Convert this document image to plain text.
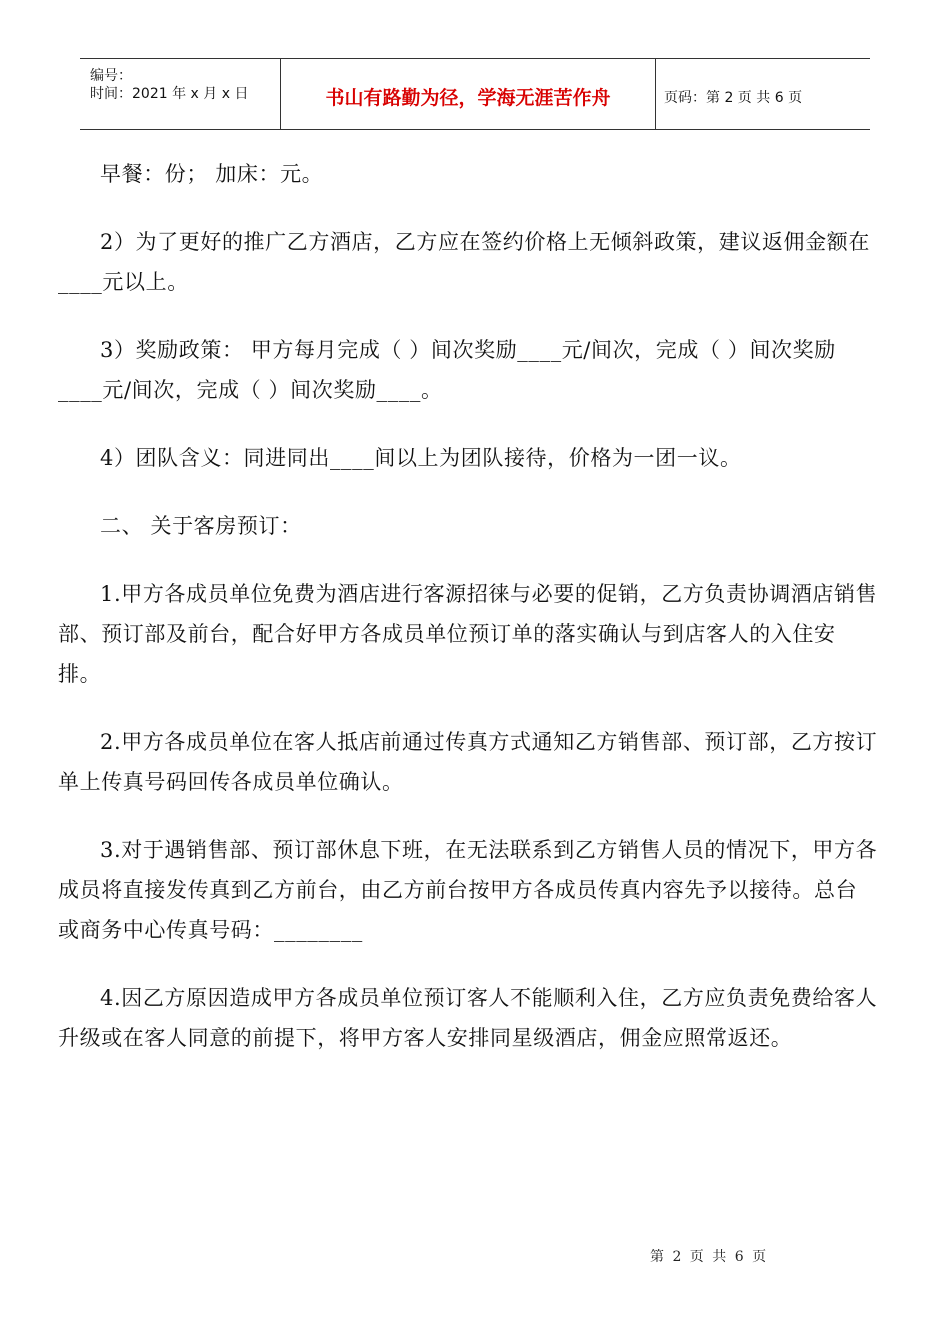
编号：
时间：2021 年 x 月 x 日	书山有路勤为径，学海无涯苦作舟	页码：第 2 页 共 6 页

早餐：份； 加床：元。

2）为了更好的推广乙方酒店，乙方应在签约价格上无倾斜政策，建议返佣金额在____元以上。

3）奖励政策： 甲方每月完成（ ）间次奖励____元/间次，完成（ ）间次奖励____元/间次，完成（ ）间次奖励____。

4）团队含义：同进同出____间以上为团队接待，价格为一团一议。

二、 关于客房预订：

1.甲方各成员单位免费为酒店进行客源招徕与必要的促销，乙方负责协调酒店销售部、预订部及前台，配合好甲方各成员单位预订单的落实确认与到店客人的入住安排。

2.甲方各成员单位在客人抵店前通过传真方式通知乙方销售部、预订部，乙方按订单上传真号码回传各成员单位确认。

3.对于遇销售部、预订部休息下班，在无法联系到乙方销售人员的情况下，甲方各成员将直接发传真到乙方前台，由乙方前台按甲方各成员传真内容先予以接待。总台或商务中心传真号码：________

4.因乙方原因造成甲方各成员单位预订客人不能顺利入住，乙方应负责免费给客人升级或在客人同意的前提下，将甲方客人安排同星级酒店，佣金应照常返还。

第 2 页 共 6 页
